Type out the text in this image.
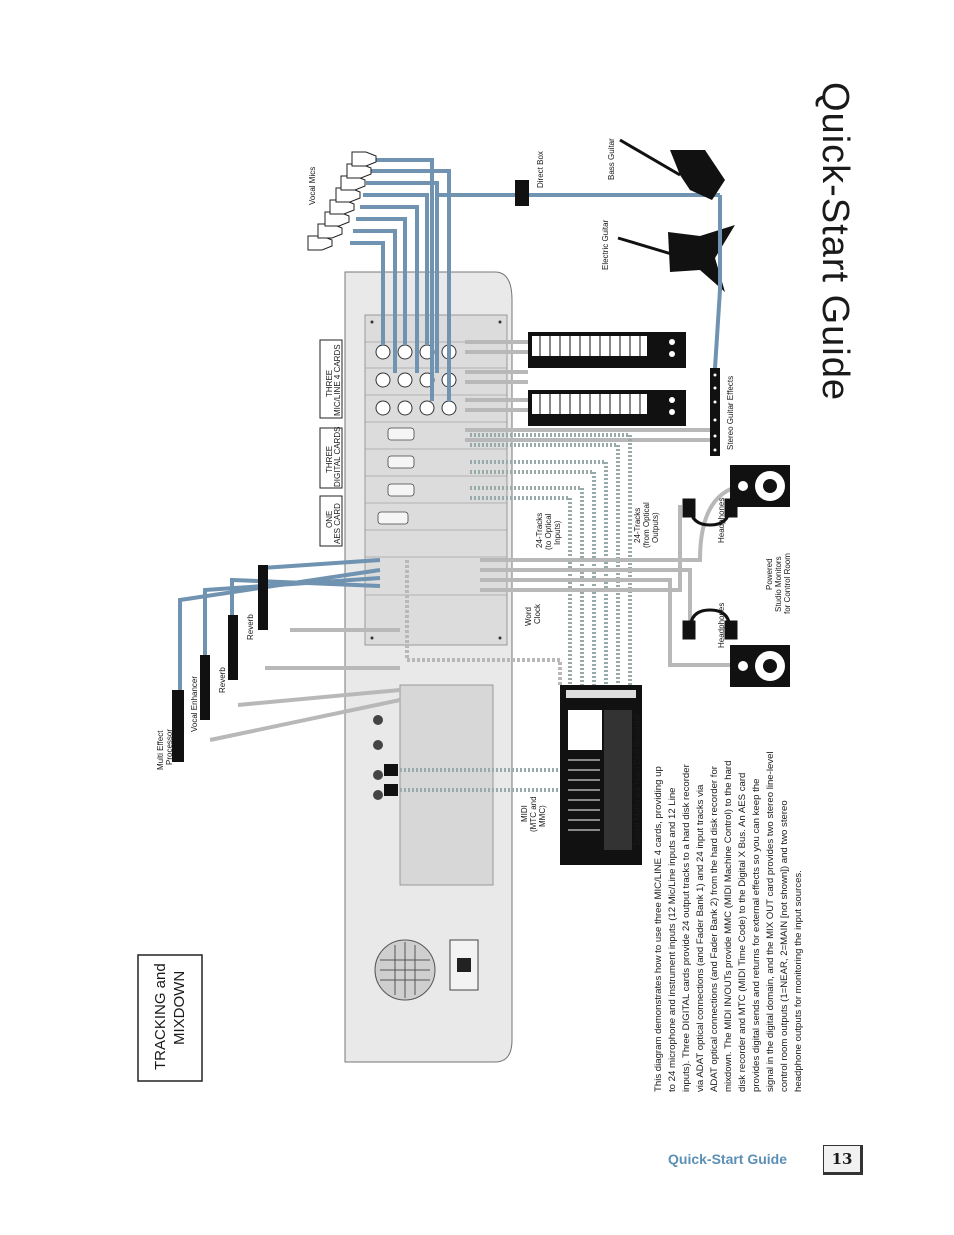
Quick-Start Guide
TRACKING and MIXDOWN
THREE MIC/LINE 4 CARDS
THREE DIGITAL CARDS
ONE AES CARD
Vocal Mics	Direct Box	Bass Guitar
Electric Guitar
Stereo Guitar Effects
24-Tracks (to Optical Inputs)	24-Tracks (from Optical Outputs)
Word Clock
Headphones
Headphones
Powered Studio Monitors for Control Room
Digital Multitrack Hard Disk Recorder
MIDI (MTC and MMC)
Multi Effect Processor
Vocal Enhancer Reverb
Reverb
This diagram demonstrates how to use three MIC/LINE 4 cards, providing up to 24 microphone and instrument inputs (12 Mic/Line inputs and 12 Line inputs). Three DIGITAL cards provide 24 output tracks to a hard disk recorder via ADAT optical connections (and Fader Bank 1) and 24 input tracks via ADAT optical connections (and Fader Bank 2) from the hard disk recorder for mixdown. The MIDI IN/OUTs provide MMC (MIDI Machine Control) to the hard disk recorder and MTC (MIDI Time Code) to the Digital X Bus. An AES card provides digital sends and returns for external effects so you can keep the signal in the digital domain, and the MIX OUT card provides two stereo line-level control room outputs (1=NEAR, 2=MAIN [not shown]) and two stereo headphone outputs for monitoring the input sources.
Quick-Start Guide	13
